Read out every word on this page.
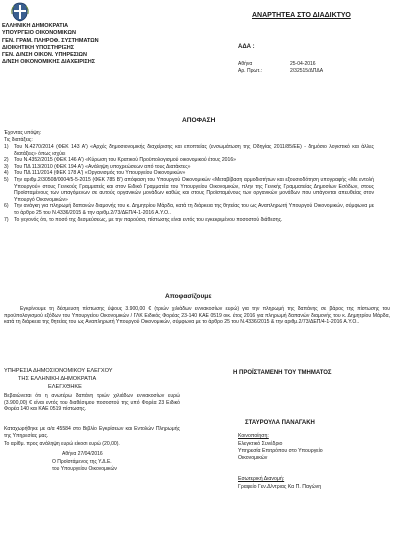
ΕΛΛΗΝΙΚΗ ΔΗΜΟΚΡΑΤΙΑ
ΥΠΟΥΡΓΕΙΟ ΟΙΚΟΝΟΜΙΚΩΝ
ΓΕΝ. ΓΡΑΜ. ΠΛΗΡΟΦ. ΣΥΣΤΗΜΑΤΩΝ
ΔΙΟΙΚΗΤΙΚΗ ΥΠΟΣΤΗΡΙΞΗΣ
ΓΕΝ. Δ/ΝΣΗ ΟΙΚΟΝ. ΥΠΗΡΕΣΙΩΝ
Δ/ΝΣΗ ΟΙΚΟΝΟΜΙΚΗΣ ΔΙΑΧΕΙΡΙΣΗΣ
ΑΝΑΡΤΗΤΕΑ ΣΤΟ ΔΙΑΔΙΚΤΥΟ
ΑΔΑ :
Αθήνα	25-04-2016
Αρ. Πρωτ.:	2/32515/ΔΠΔΑ
ΑΠΟΦΑΣΗ
Έχοντας υπόψη:
Τις διατάξεις:
1) Του Ν.4270/2014 (ΦΕΚ 143 Α') «Αρχές δημοσιονομικής διαχείρισης και εποπτείας (ενσωμάτωση της Οδηγίας 2011/85/ΕΕ) - δημόσιο λογιστικό και άλλες διατάξεις» όπως ισχύει
2) Του Ν.4352/2015 (ΦΕΚ 146 Α') «Κύρωση του Κρατικού Προϋπολογισμού οικονομικού έτους 2016»
3) Του ΠΔ 113/2010 (ΦΕΚ 194 Α') «Ανάληψη υποχρεώσεων από τους Διατάκτες»
4) Του ΠΔ 111/2014 (ΦΕΚ 178 Α') «Οργανισμός του Υπουργείου Οικονομικών»
5) Την αριθμ.2/30508/0004/5-5-2015 (ΦΕΚ 785 Β') απόφαση του Υπουργού Οικονομικών «Μεταβίβαση αρμοδιοτήτων και εξουσιοδότηση υπογραφής «Με εντολή Υπουργού» στους Γενικούς Γραμματείς και στον Ειδικό Γραμματέα του Υπουργείου Οικονομικών, πλην της Γενικής Γραμματείας Δημοσίων Εσόδων, στους Προϊσταμένους των υπαγόμενων σε αυτούς οργανικών μονάδων καθώς και στους Προϊσταμένους των οργανικών μονάδων που υπάγονται απευθείας στον Υπουργό Οικονομικών»
6) Την ανάγκη για πληρωμή δαπανών διαμονής του κ. Δημητρίου Μάρδα, κατά τη διάρκεια της θητείας του ως Αναπληρωτή Υπουργού Οικονομικών, σύμφωνα με το άρθρο 25 του Ν.4336/2015 & την αριθμ.2/73/ΔΕΠ/4-1-2016 Α.Υ.Ο..
7) Το γεγονός ότι, το ποσό της δεσμεύσεως, με την παρούσα, πίστωσης είναι εντός του εγκεκριμένου ποσοστού διάθεσης.
Αποφασίζουμε
Εγκρίνουμε τη δέσμευση πίστωσης ύψους 3.900,00 € (τριών χιλιάδων εννιακοσίων ευρώ) για την πληρωμή της δαπάνης σε βάρος της πίστωσης του προϋπολογισμού εξόδων του Υπουργείου Οικονομικών / ΓΛΚ Ειδικός Φορέας 23-140 ΚΑΕ 0519 οικ. έτος 2016 για πληρωμή δαπανών διαμονής του κ. Δημητρίου Μάρδα, κατά τη διάρκεια της θητείας του ως Αναπληρωτή Υπουργού Οικονομικών, σύμφωνα με το άρθρο 25 του Ν.4336/2015 & την αριθμ.2/73/ΔΕΠ/4-1-2016 Α.Υ.Ο..
ΥΠΗΡΕΣΙΑ ΔΗΜΟΣΙΟΝΟΜΙΚΟΥ ΕΛΕΓΧΟΥ
ΤΗΣ ΕΛΛΗΝΙΚΗ ΔΗΜΟΚΡΑΤΙΑ
ΕΛΕΓΧΘΗΚΕ
Βεβαιώνεται ότι η ανωτέρω δαπάνη τριών χιλιάδων εννιακοσίων ευρώ (3.900,00) € είναι εντός του διαθέσιμου ποσοστού της υπό Φορέα 23 Ειδικό Φορέα 140 και ΚΑΕ 0519 πίστωσης.
Καταχωρήθηκε με α/α 45584 στο Βιβλίο Εγκρίσεων και Εντολών Πληρωμής της Υπηρεσίας μας.
Το αρίθμ. προς ανάληψη ευρώ είκοσι ευρώ (20,00).
Αθήνα 27/04/2016
Ο Προϊστάμενος της Υ.Δ.Ε.
του Υπουργείου Οικονομικών
Η ΠΡΟΪΣΤΑΜΕΝΗ ΤΟΥ ΤΜΗΜΑΤΟΣ
ΣΤΑΥΡΟΥΛΑ ΠΑΝΑΓΑΚΗ
Κοινοποίηση:
Ελεγκτικό Συνέδριο
Υπηρεσία Επιτρόπου στο Υπουργείο
Οικονομικών
Εσωτερική Διανομή:
Γραφείο Γεν.Δ/ντριας Κα Π. Παγώνη
